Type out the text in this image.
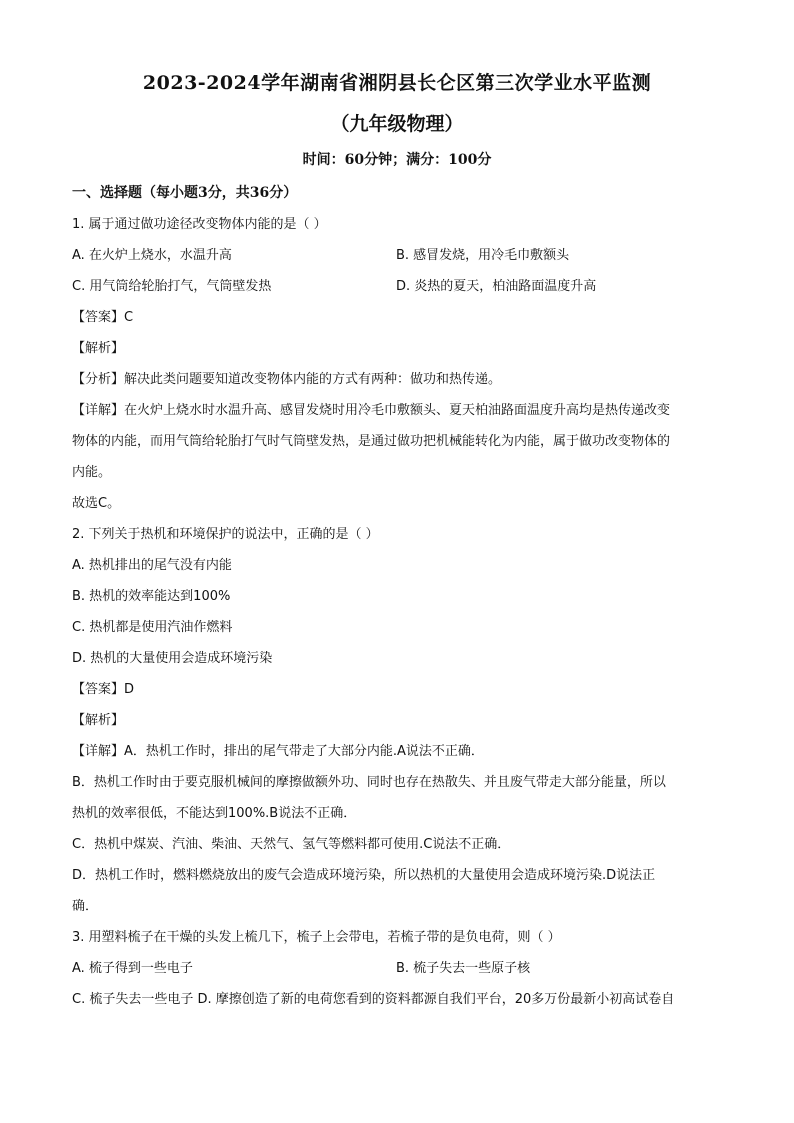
2023-2024学年湖南省湘阴县长仑区第三次学业水平监测
（九年级物理）
时间：60分钟；满分：100分
一、选择题（每小题3分，共36分）
1. 属于通过做功途径改变物体内能的是（ ）
A. 在火炉上烧水，水温升高	B. 感冒发烧，用冷毛巾敷额头
C. 用气筒给轮胎打气，气筒壁发热	D. 炎热的夏天，柏油路面温度升高
【答案】C
【解析】
【分析】解决此类问题要知道改变物体内能的方式有两种：做功和热传递。
【详解】在火炉上烧水时水温升高、感冒发烧时用冷毛巾敷额头、夏天柏油路面温度升高均是热传递改变
物体的内能，而用气筒给轮胎打气时气筒壁发热，是通过做功把机械能转化为内能，属于做功改变物体的
内能。
故选C。
2. 下列关于热机和环境保护的说法中，正确的是（ ）
A. 热机排出的尾气没有内能
B. 热机的效率能达到100%
C. 热机都是使用汽油作燃料
D. 热机的大量使用会造成环境污染
【答案】D
【解析】
【详解】A．热机工作时，排出的尾气带走了大部分内能.A说法不正确．
B．热机工作时由于要克服机械间的摩擦做额外功、同时也存在热散失、并且废气带走大部分能量，所以
热机的效率很低，不能达到100%.B说法不正确．
C．热机中煤炭、汽油、柴油、天然气、氢气等燃料都可使用.C说法不正确．
D．热机工作时，燃料燃烧放出的废气会造成环境污染，所以热机的大量使用会造成环境污染.D说法正
确．
3. 用塑料梳子在干燥的头发上梳几下，梳子上会带电，若梳子带的是负电荷，则（ ）
A. 梳子得到一些电子	B. 梳子失去一些原子核
C. 梳子失去一些电子 D. 摩擦创造了新的电荷您看到的资料都源自我们平台，20多万份最新小初高试卷自
